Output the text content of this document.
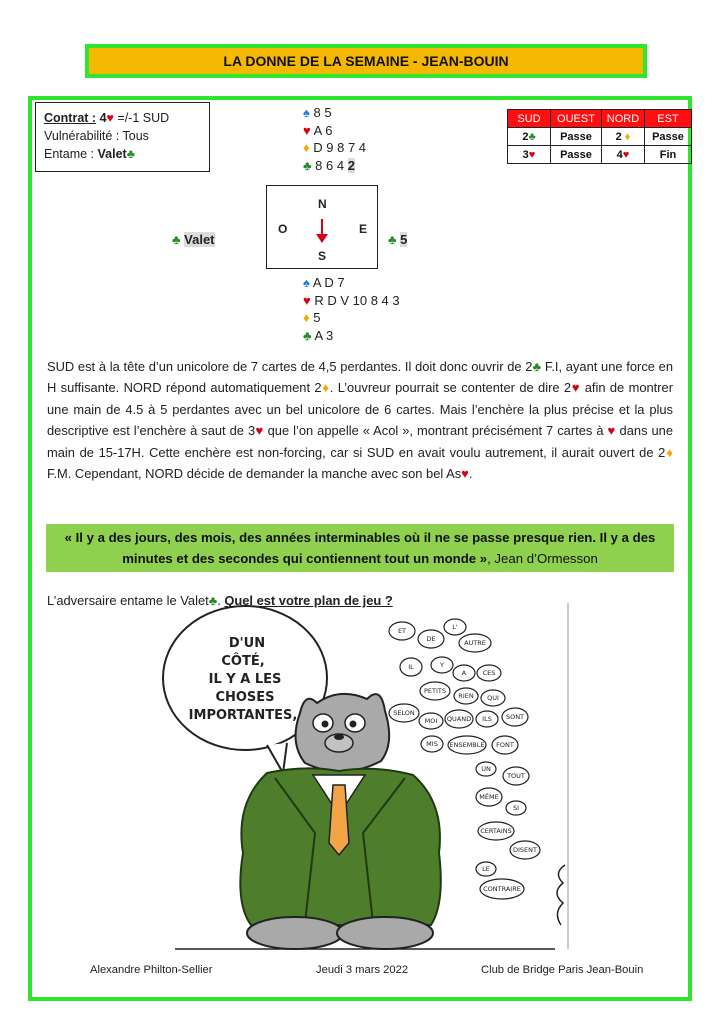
LA DONNE DE LA SEMAINE - JEAN-BOUIN
Contrat : 4♥ =/-1 SUD
Vulnérabilité : Tous
Entame : Valet♣
♠ 8 5
♥ A 6
♦ D 9 8 7 4
♣ 8 6 4 2
N
O	E
S
♣ Valet	♣ 5
♠ A D 7
♥ R D V 10 8 4 3
♦ 5
♣ A 3
SUD	OUEST	NORD	EST
2♣	Passe	2 ♦	Passe
3♥	Passe	4♥	Fin
SUD est à la tête d’un unicolore de 7 cartes de 4,5 perdantes. Il doit donc ouvrir de 2♣ F.I, ayant une force en H suffisante. NORD répond automatiquement 2♦. L’ouvreur pourrait se contenter de dire 2♥ afin de montrer une main de 4.5 à 5 perdantes avec un bel unicolore de 6 cartes. Mais l’enchère la plus précise et la plus descriptive est l’enchère à saut de 3♥ que l’on appelle « Acol », montrant précisément 7 cartes à ♥ dans une main de 15-17H. Cette enchère est non-forcing, car si SUD en avait voulu autrement, il aurait ouvert de 2♦ F.M. Cependant, NORD décide de demander la manche avec son bel As♥.
« Il y a des jours, des mois, des années interminables où il ne se passe presque rien. Il y a des minutes et des secondes qui contiennent tout un monde », Jean d’Ormesson
L’adversaire entame le Valet♣. Quel est votre plan de jeu ?
D'UN
CÔTÉ,
IL Y A LES
CHOSES
IMPORTANTES,
ET
DE
L'
AUTRE
IL	Y
A	CES
PETITS
RIEN QUI
SELON
MOI QUAND ILS SONT
MIS ENSEMBLE FONT
UN
TOUT
MÊME
SI
CERTAINS
DISENT
LE
CONTRAIRE
Alexandre Philton-Sellier	Jeudi 3 mars 2022	Club de Bridge Paris Jean-Bouin
